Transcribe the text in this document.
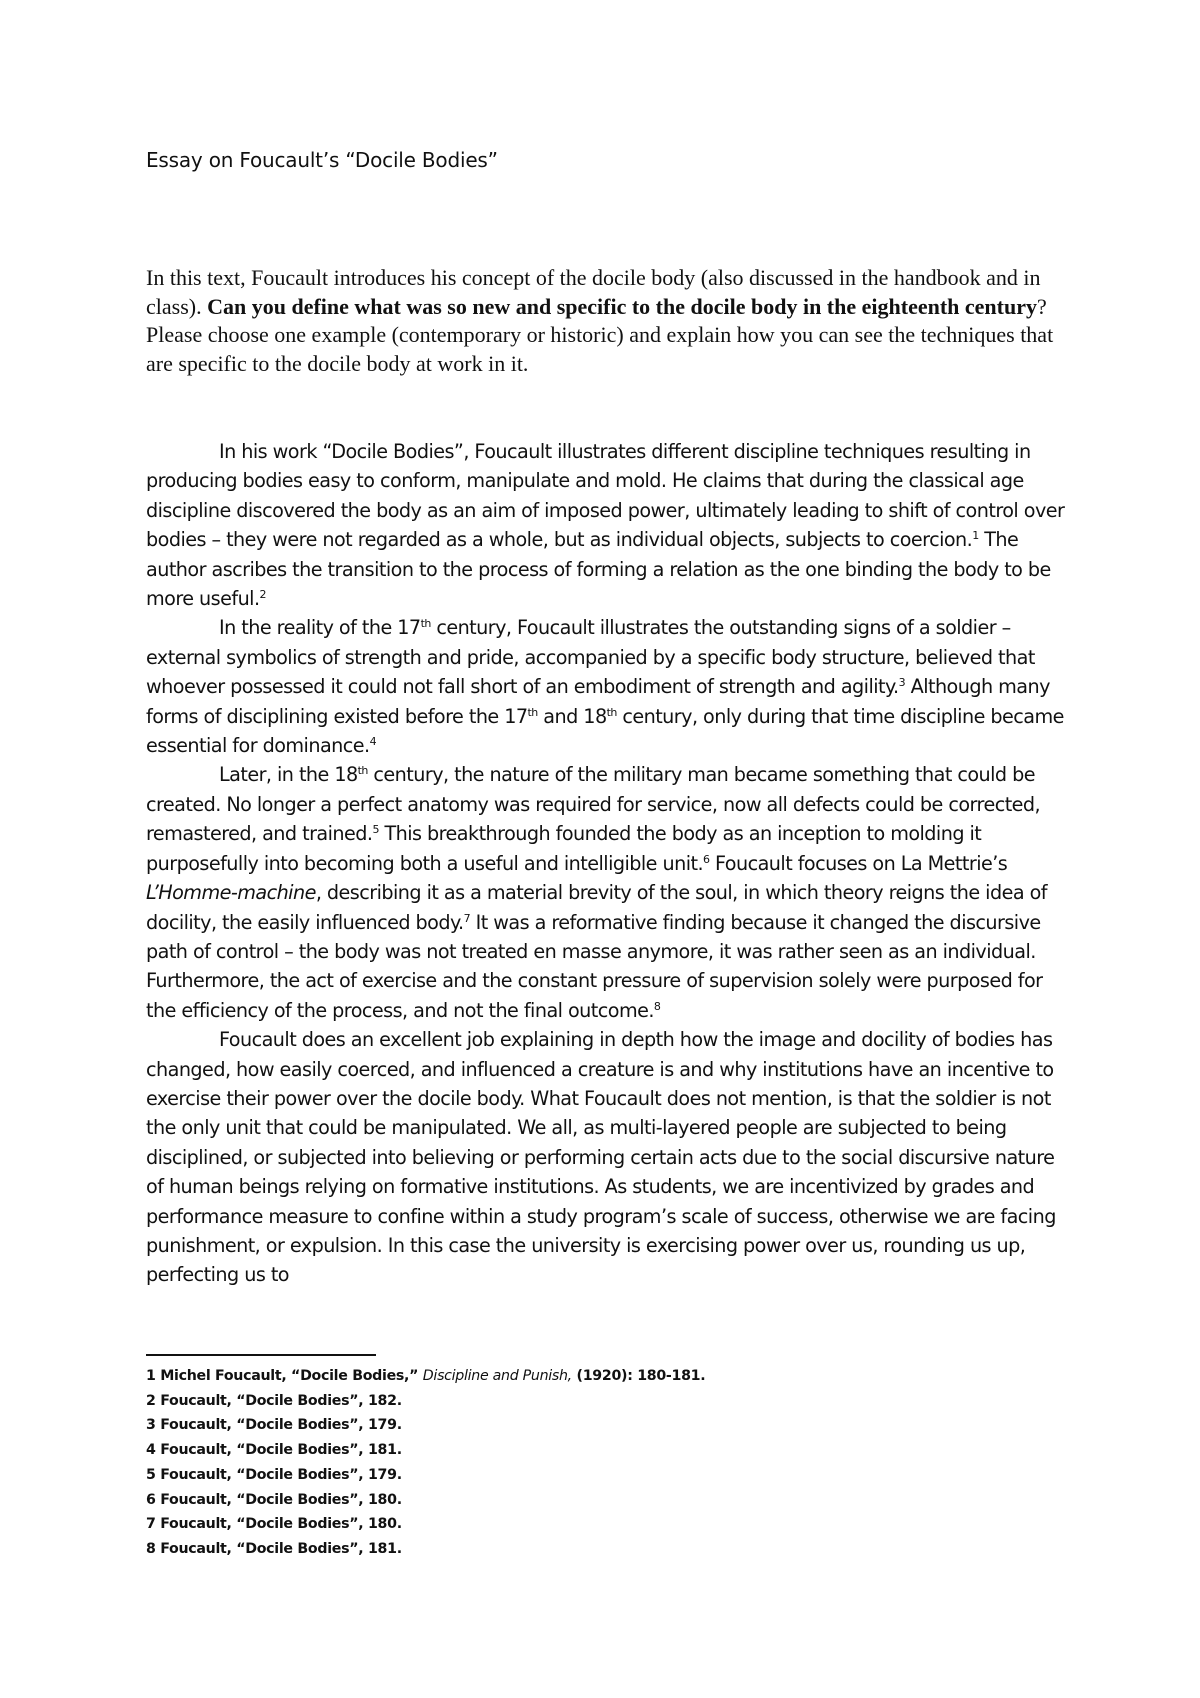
Essay on Foucault’s “Docile Bodies”
In this text, Foucault introduces his concept of the docile body (also discussed in the handbook and in class). Can you define what was so new and specific to the docile body in the eighteenth century? Please choose one example (contemporary or historic) and explain how you can see the techniques that are specific to the docile body at work in it.

In his work “Docile Bodies”, Foucault illustrates different discipline techniques resulting in producing bodies easy to conform, manipulate and mold. He claims that during the classical age discipline discovered the body as an aim of imposed power, ultimately leading to shift of control over bodies – they were not regarded as a whole, but as individual objects, subjects to coercion.$^1$ The author ascribes the transition to the process of forming a relation as the one binding the body to be more useful.$^2$

In the reality of the 17th century, Foucault illustrates the outstanding signs of a soldier – external symbolics of strength and pride, accompanied by a specific body structure, believed that whoever possessed it could not fall short of an embodiment of strength and agility.$^3$ Although many forms of disciplining existed before the 17th and 18th century, only during that time discipline became essential for dominance.$^4$

Later, in the 18th century, the nature of the military man became something that could be created. No longer a perfect anatomy was required for service, now all defects could be corrected, remastered, and trained.$^5$ This breakthrough founded the body as an inception to molding it purposefully into becoming both a useful and intelligible unit.$^6$ Foucault focuses on La Mettrie’s L’Homme-machine, describing it as a material brevity of the soul, in which theory reigns the idea of docility, the easily influenced body.$^7$ It was a reformative finding because it changed the discursive path of control – the body was not treated en masse anymore, it was rather seen as an individual. Furthermore, the act of exercise and the constant pressure of supervision solely were purposed for the efficiency of the process, and not the final outcome.$^8$

Foucault does an excellent job explaining in depth how the image and docility of bodies has changed, how easily coerced, and influenced a creature is and why institutions have an incentive to exercise their power over the docile body. What Foucault does not mention, is that the soldier is not the only unit that could be manipulated. We all, as multi-layered people are subjected to being disciplined, or subjected into believing or performing certain acts due to the social discursive nature of human beings relying on formative institutions. As students, we are incentivized by grades and performance measure to confine within a study program’s scale of success, otherwise we are facing punishment, or expulsion. In this case the university is exercising power over us, rounding us up, perfecting us to

1 Michel Foucault, “Docile Bodies,” Discipline and Punish, (1920): 180-181.
2 Foucault, “Docile Bodies”, 182.
3 Foucault, “Docile Bodies”, 179.
4 Foucault, “Docile Bodies”, 181.
5 Foucault, “Docile Bodies”, 179.
6 Foucault, “Docile Bodies”, 180.
7 Foucault, “Docile Bodies”, 180.
8 Foucault, “Docile Bodies”, 181.
